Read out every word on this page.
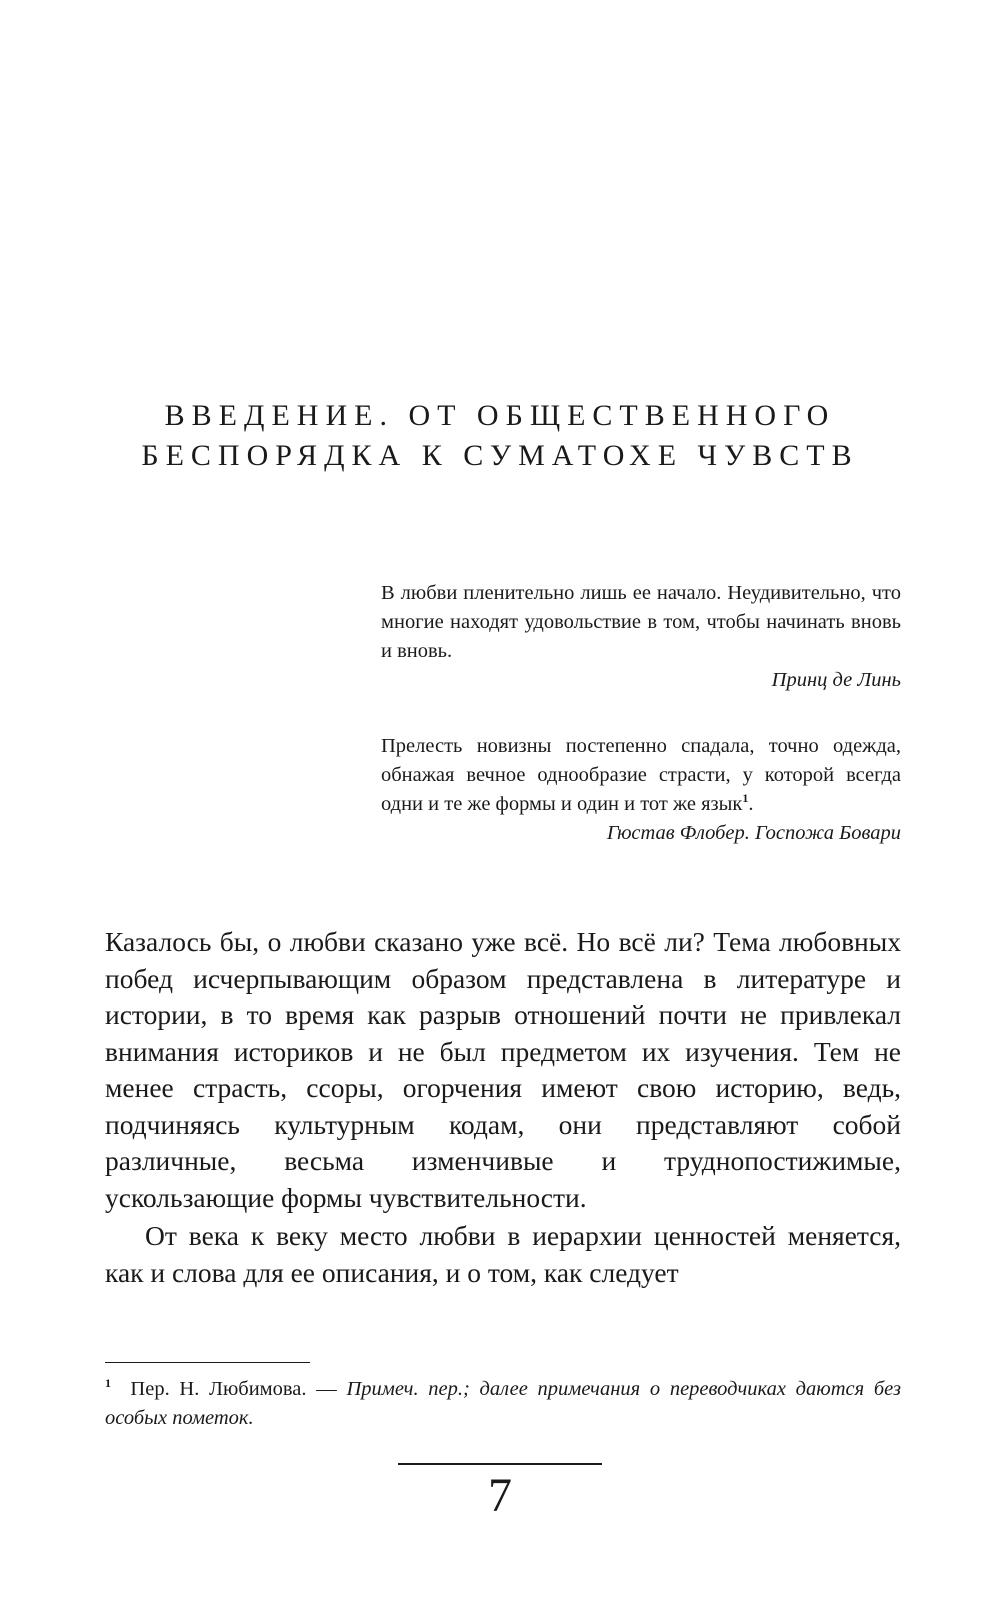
ВВЕДЕНИЕ. ОТ ОБЩЕСТВЕННОГО
БЕСПОРЯДКА К СУМАТОХЕ ЧУВСТВ

В любви пленительно лишь ее начало. Неудивительно, что многие находят удовольствие в том, чтобы начинать вновь и вновь.

Принц де Линь

Прелесть новизны постепенно спадала, точно одежда, обнажая вечное однообразие страсти, у которой всегда одни и те же формы и один и тот же язык$^1$.

Гюстав Флобер. Госпожа Бовари

Казалось бы, о любви сказано уже всё. Но всё ли? Тема любовных побед исчерпывающим образом представлена в литературе и истории, в то время как разрыв отношений почти не привлекал внимания историков и не был предметом их изучения. Тем не менее страсть, ссоры, огорчения имеют свою историю, ведь, подчиняясь культурным кодам, они представляют собой различные, весьма изменчивые и труднопостижимые, ускользающие формы чувствительности.

От века к веку место любви в иерархии ценностей меняется, как и слова для ее описания, и о том, как следует

$^1$ Пер. Н. Любимова. — Примеч. пер.; далее примечания о переводчиках даются без особых пометок.

7
